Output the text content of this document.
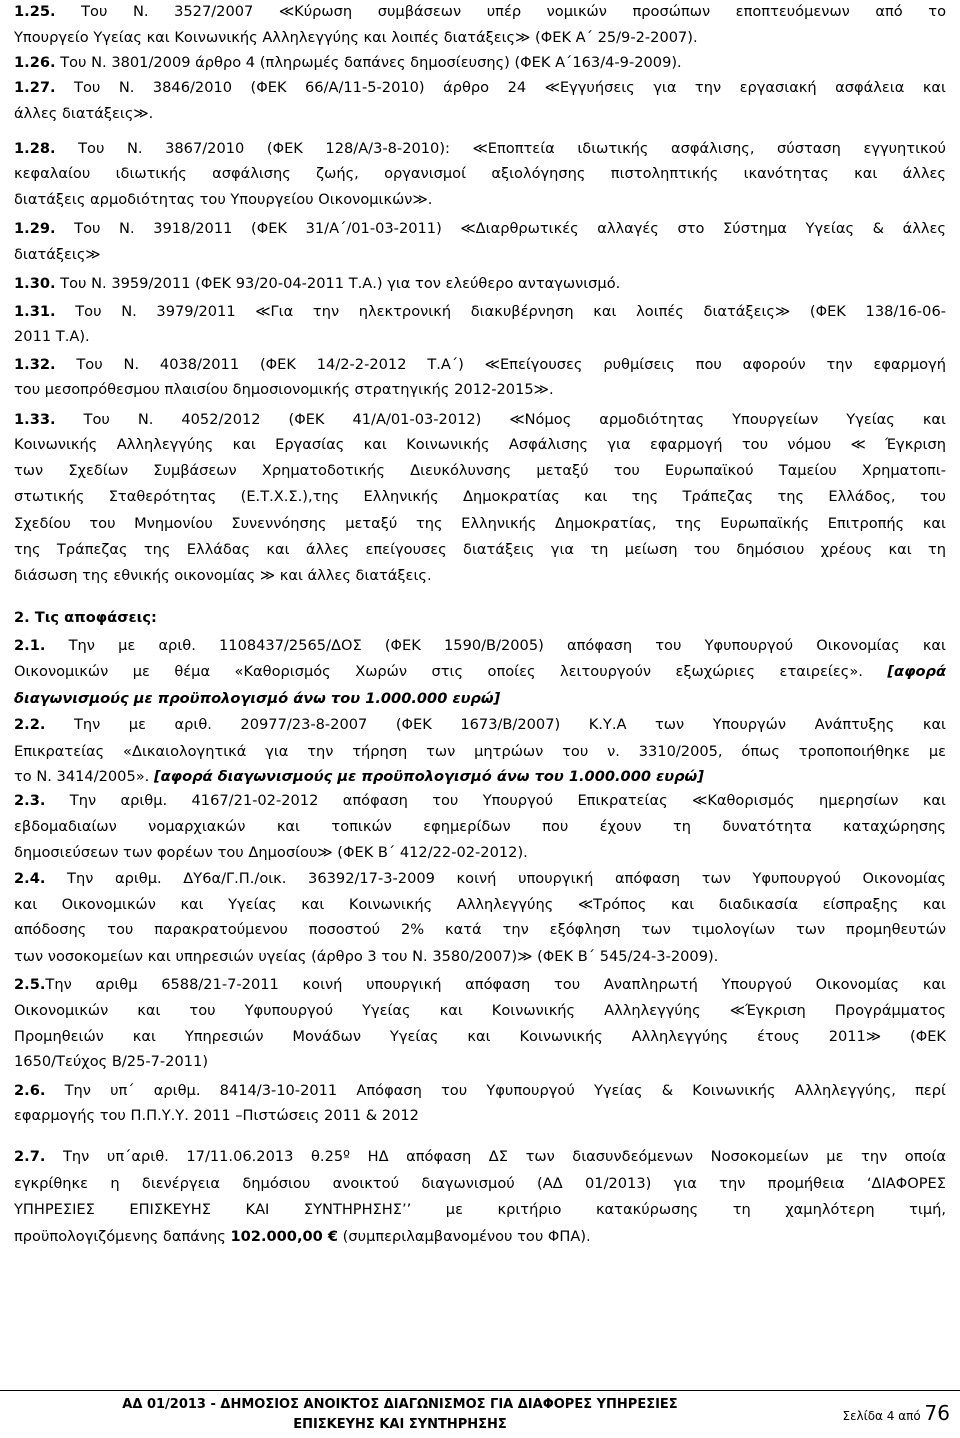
1.25. Του Ν. 3527/2007 ≪Κύρωση συμβάσεων υπέρ νομικών προσώπων εποπτευόμενων από το
Υπουργείο Υγείας και Κοινωνικής Αλληλεγγύης και λοιπές διατάξεις≫ (ΦΕΚ Α΄ 25/9-2-2007).
1.26. Του Ν. 3801/2009 άρθρο 4 (πληρωμές δαπάνες δημοσίευσης) (ΦΕΚ Α΄163/4-9-2009).
1.27. Του Ν. 3846/2010 (ΦΕΚ 66/Α/11-5-2010) άρθρο 24 ≪Εγγυήσεις για την εργασιακή ασφάλεια και
άλλες διατάξεις≫.
1.28. Του Ν. 3867/2010 (ΦΕΚ 128/Α/3-8-2010): ≪Εποπτεία ιδιωτικής ασφάλισης, σύσταση εγγυητικού
κεφαλαίου ιδιωτικής ασφάλισης ζωής, οργανισμοί αξιολόγησης πιστοληπτικής ικανότητας και άλλες
διατάξεις αρμοδιότητας του Υπουργείου Οικονομικών≫.
1.29. Του Ν. 3918/2011 (ΦΕΚ 31/Α΄/01-03-2011) ≪Διαρθρωτικές αλλαγές στο Σύστημα Υγείας & άλλες
διατάξεις≫
1.30. Του Ν. 3959/2011 (ΦΕΚ 93/20-04-2011 Τ.Α.) για τον ελεύθερο ανταγωνισμό.
1.31. Του Ν. 3979/2011 ≪Για την ηλεκτρονική διακυβέρνηση και λοιπές διατάξεις≫ (ΦΕΚ 138/16-06-
2011 Τ.Α).
1.32. Του Ν. 4038/2011 (ΦΕΚ 14/2-2-2012 Τ.Α΄) ≪Επείγουσες ρυθμίσεις που αφορούν την εφαρμογή
του μεσοπρόθεσμου πλαισίου δημοσιονομικής στρατηγικής 2012-2015≫.
1.33. Του Ν. 4052/2012 (ΦΕΚ 41/Α/01-03-2012) ≪Νόμος αρμοδιότητας Υπουργείων Υγείας και
Κοινωνικής Αλληλεγγύης και Εργασίας και Κοινωνικής Ασφάλισης για εφαρμογή του νόμου ≪ Έγκριση
των Σχεδίων Συμβάσεων Χρηματοδοτικής Διευκόλυνσης μεταξύ του Ευρωπαϊκού Ταμείου Χρηματοπι-
στωτικής Σταθερότητας (Ε.Τ.Χ.Σ.),της Ελληνικής Δημοκρατίας και της Τράπεζας της Ελλάδος, του
Σχεδίου του Μνημονίου Συνεννόησης μεταξύ της Ελληνικής Δημοκρατίας, της Ευρωπαϊκής Επιτροπής και
της Τράπεζας της Ελλάδας και άλλες επείγουσες διατάξεις για τη μείωση του δημόσιου χρέους και τη
διάσωση της εθνικής οικονομίας ≫ και άλλες διατάξεις.
2. Τις αποφάσεις:
2.1. Την με αριθ. 1108437/2565/ΔΟΣ (ΦΕΚ 1590/Β/2005) απόφαση του Υφυπουργού Οικονομίας και
Οικονομικών με θέμα «Καθορισμός Χωρών στις οποίες λειτουργούν εξωχώριες εταιρείες». [αφορά
διαγωνισμούς με προϋπολογισμό άνω του 1.000.000 ευρώ]
2.2. Την με αριθ. 20977/23-8-2007 (ΦΕΚ 1673/Β/2007) Κ.Υ.Α των Υπουργών Ανάπτυξης και
Επικρατείας «Δικαιολογητικά για την τήρηση των μητρώων του ν. 3310/2005, όπως τροποποιήθηκε με
το Ν. 3414/2005». [αφορά διαγωνισμούς με προϋπολογισμό άνω του 1.000.000 ευρώ]
2.3. Την αριθμ. 4167/21-02-2012 απόφαση του Υπουργού Επικρατείας ≪Καθορισμός ημερησίων και
εβδομαδιαίων νομαρχιακών και τοπικών εφημερίδων που έχουν τη δυνατότητα καταχώρησης
δημοσιεύσεων των φορέων του Δημοσίου≫ (ΦΕΚ Β΄ 412/22-02-2012).
2.4. Την αριθμ. ΔΥ6α/Γ.Π./οικ. 36392/17-3-2009 κοινή υπουργική απόφαση των Υφυπουργού Οικονομίας
και Οικονομικών και Υγείας και Κοινωνικής Αλληλεγγύης ≪Τρόπος και διαδικασία είσπραξης και
απόδοσης του παρακρατούμενου ποσοστού 2% κατά την εξόφληση των τιμολογίων των προμηθευτών
των νοσοκομείων και υπηρεσιών υγείας (άρθρο 3 του Ν. 3580/2007)≫ (ΦΕΚ Β΄ 545/24-3-2009).
2.5.Την αριθμ 6588/21-7-2011 κοινή υπουργική απόφαση του Αναπληρωτή Υπουργού Οικονομίας και
Οικονομικών και του Υφυπουργού Υγείας και Κοινωνικής Αλληλεγγύης ≪Έγκριση Προγράμματος
Προμηθειών και Υπηρεσιών Μονάδων Υγείας και Κοινωνικής Αλληλεγγύης έτους 2011≫ (ΦΕΚ
1650/Τεύχος Β/25-7-2011)
2.6. Την υπ΄ αριθμ. 8414/3-10-2011 Απόφαση του Υφυπουργού Υγείας & Κοινωνικής Αλληλεγγύης, περί
εφαρμογής του Π.Π.Υ.Υ. 2011 –Πιστώσεις 2011 & 2012
2.7. Την υπ΄αριθ. 17/11.06.2013 θ.25º ΗΔ απόφαση ΔΣ των διασυνδεόμενων Νοσοκομείων με την οποία
εγκρίθηκε η διενέργεια δημόσιου ανοικτού διαγωνισμού (ΑΔ 01/2013) για την προμήθεια ‘ΔΙΑΦΟΡΕΣ
ΥΠΗΡΕΣΙΕΣ ΕΠΙΣΚΕΥΗΣ ΚΑΙ ΣΥΝΤΗΡΗΣΗΣ’’ με κριτήριο κατακύρωσης τη χαμηλότερη τιμή,
προϋπολογιζόμενης δαπάνης 102.000,00 € (συμπεριλαμβανομένου του ΦΠΑ).
ΑΔ 01/2013 - ΔΗΜΟΣΙΟΣ ΑΝΟΙΚΤΟΣ ΔΙΑΓΩΝΙΣΜΟΣ ΓΙΑ ΔΙΑΦΟΡΕΣ ΥΠΗΡΕΣΙΕΣ
ΕΠΙΣΚΕΥΗΣ ΚΑΙ ΣΥΝΤΗΡΗΣΗΣ
Σελίδα 4 από 76
